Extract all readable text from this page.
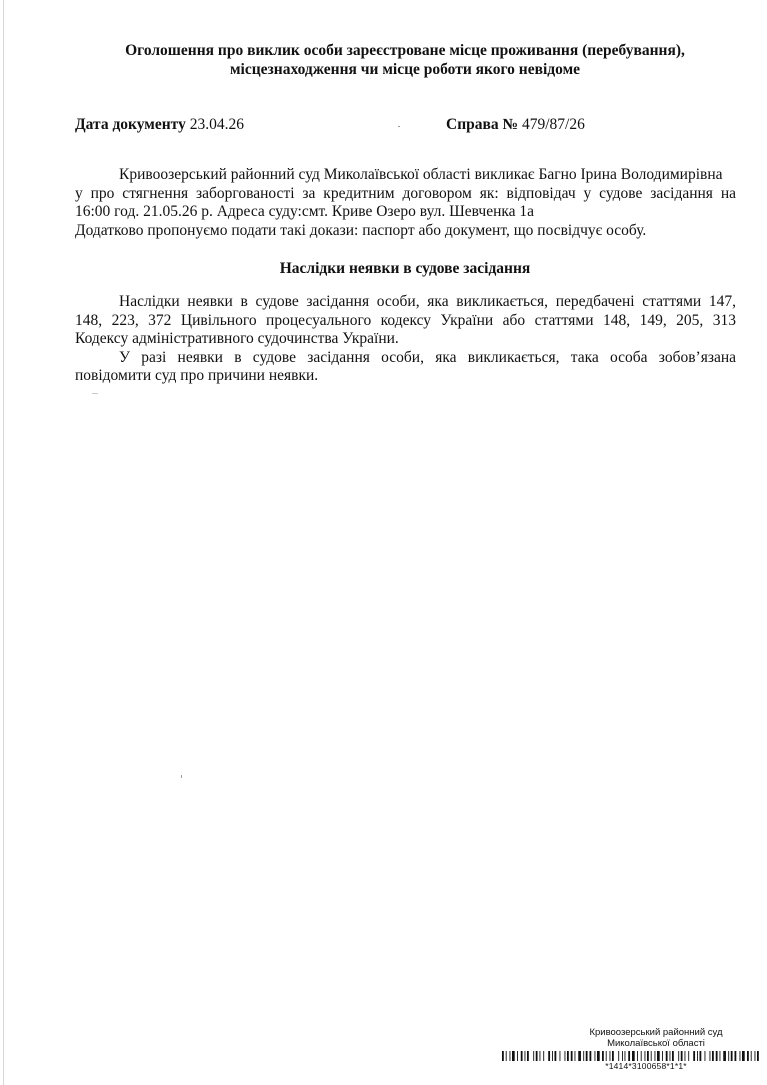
Оголошення про виклик особи зареєстроване місце проживання (перебування),
місцезнаходження чи місце роботи якого невідоме
Дата документу 23.04.26	Справа № 479/87/26
Кривоозерський районний суд Миколаївської області викликає Багно Ірина Володимирівна
у про стягнення заборгованості за кредитним договором як: відповідач у судове засідання на
16:00 год. 21.05.26 р. Адреса суду:смт. Криве Озеро вул. Шевченка 1а
Додатково пропонуємо подати такі докази: паспорт або документ, що посвідчує особу.
Наслідки неявки в судове засідання
Наслідки неявки в судове засідання особи, яка викликається, передбачені статтями 147,
148, 223, 372 Цивільного процесуального кодексу України або статтями 148, 149, 205, 313
Кодексу адміністративного судочинства України.
У разі неявки в судове засідання особи, яка викликається, така особа зобов’язана
повідомити суд про причини неявки.
Кривоозерський районний суд
Миколаївської області
*1414*3100658*1*1*
